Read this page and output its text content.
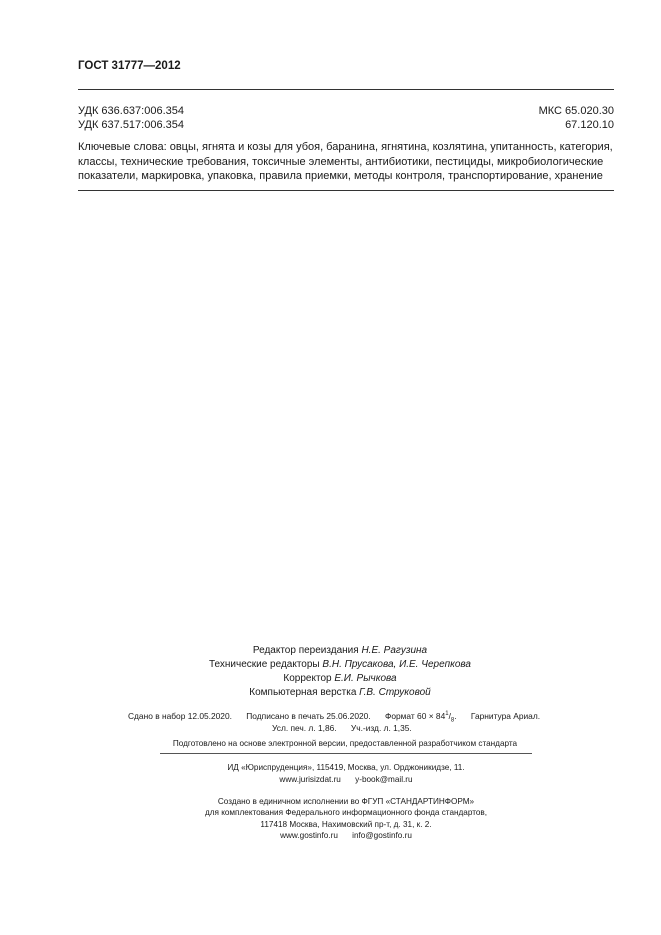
ГОСТ 31777—2012
УДК 636.637:006.354
УДК 637.517:006.354
МКС 65.020.30
67.120.10
Ключевые слова: овцы, ягнята и козы для убоя, баранина, ягнятина, козлятина, упитанность, категория,
классы, технические требования, токсичные элементы, антибиотики, пестициды, микробиологические
показатели, маркировка, упаковка, правила приемки, методы контроля, транспортирование, хранение
Редактор переиздания Н.Е. Рагузина
Технические редакторы В.Н. Прусакова, И.Е. Черепкова
Корректор Е.И. Рычкова
Компьютерная верстка Г.В. Струковой
Сдано в набор 12.05.2020. Подписано в печать 25.06.2020. Формат $60 \times 84^1/_8$. Гарнитура Ариал.
Усл. печ. л. 1,86. Уч.-изд. л. 1,35.
Подготовлено на основе электронной версии, предоставленной разработчиком стандарта
ИД «Юриспруденция», 115419, Москва, ул. Орджоникидзе, 11.
www.jurisizdat.ru y-book@mail.ru
Создано в единичном исполнении во ФГУП «СТАНДАРТИНФОРМ»
для комплектования Федерального информационного фонда стандартов,
117418 Москва, Нахимовский пр-т, д. 31, к. 2.
www.gostinfo.ru info@gostinfo.ru
